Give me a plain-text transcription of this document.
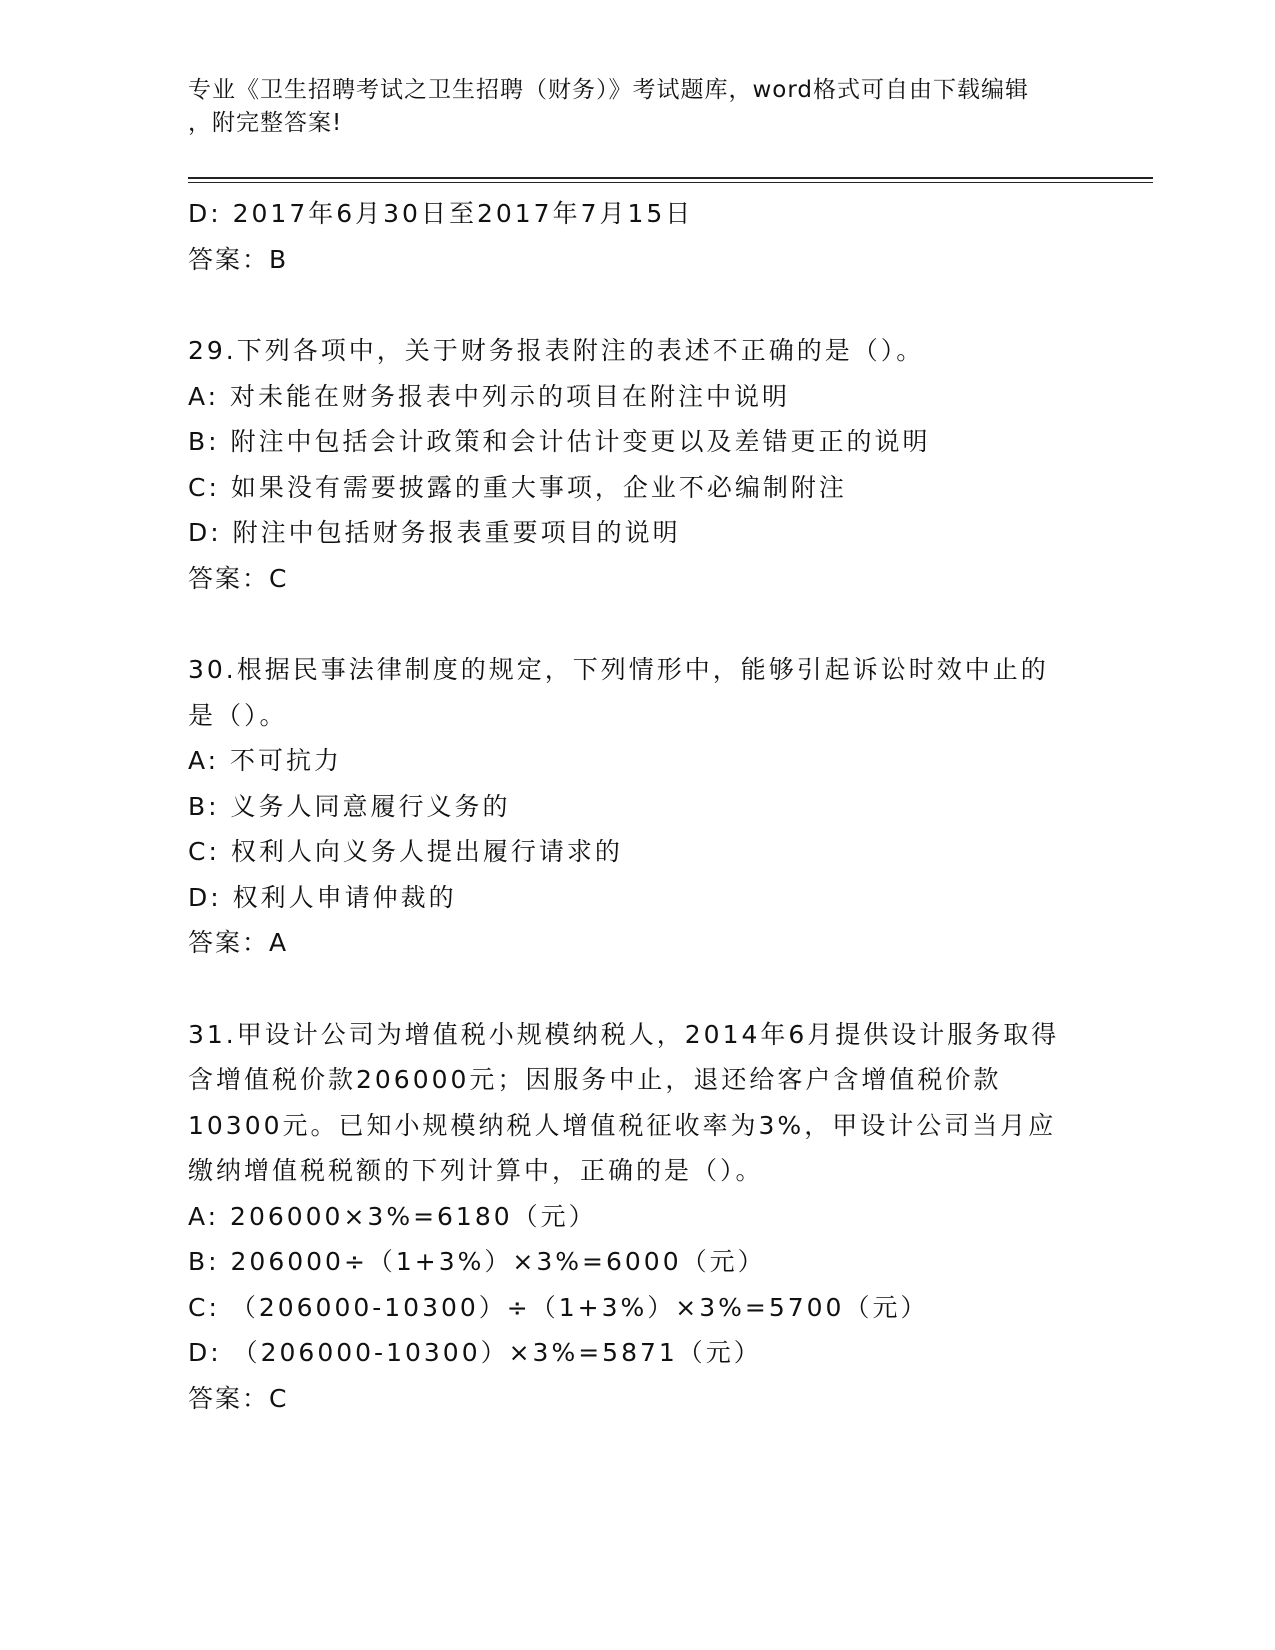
专业《卫生招聘考试之卫生招聘（财务）》考试题库，word格式可自由下载编辑
，附完整答案!

D: 2017年6月30日至2017年7月15日

答案：B

29.下列各项中，关于财务报表附注的表述不正确的是（）。

A: 对未能在财务报表中列示的项目在附注中说明

B: 附注中包括会计政策和会计估计变更以及差错更正的说明

C: 如果没有需要披露的重大事项，企业不必编制附注

D: 附注中包括财务报表重要项目的说明

答案：C

30.根据民事法律制度的规定，下列情形中，能够引起诉讼时效中止的

是（）。

A: 不可抗力

B: 义务人同意履行义务的

C: 权利人向义务人提出履行请求的

D: 权利人申请仲裁的

答案：A

31.甲设计公司为增值税小规模纳税人，2014年6月提供设计服务取得

含增值税价款206000元；因服务中止，退还给客户含增值税价款

10300元。已知小规模纳税人增值税征收率为3%，甲设计公司当月应

缴纳增值税税额的下列计算中，正确的是（）。

A: 206000×3%=6180（元）

B: 206000÷（1+3%）×3%=6000（元）

C: （206000-10300）÷（1+3%）×3%=5700（元）

D: （206000-10300）×3%=5871（元）

答案：C
